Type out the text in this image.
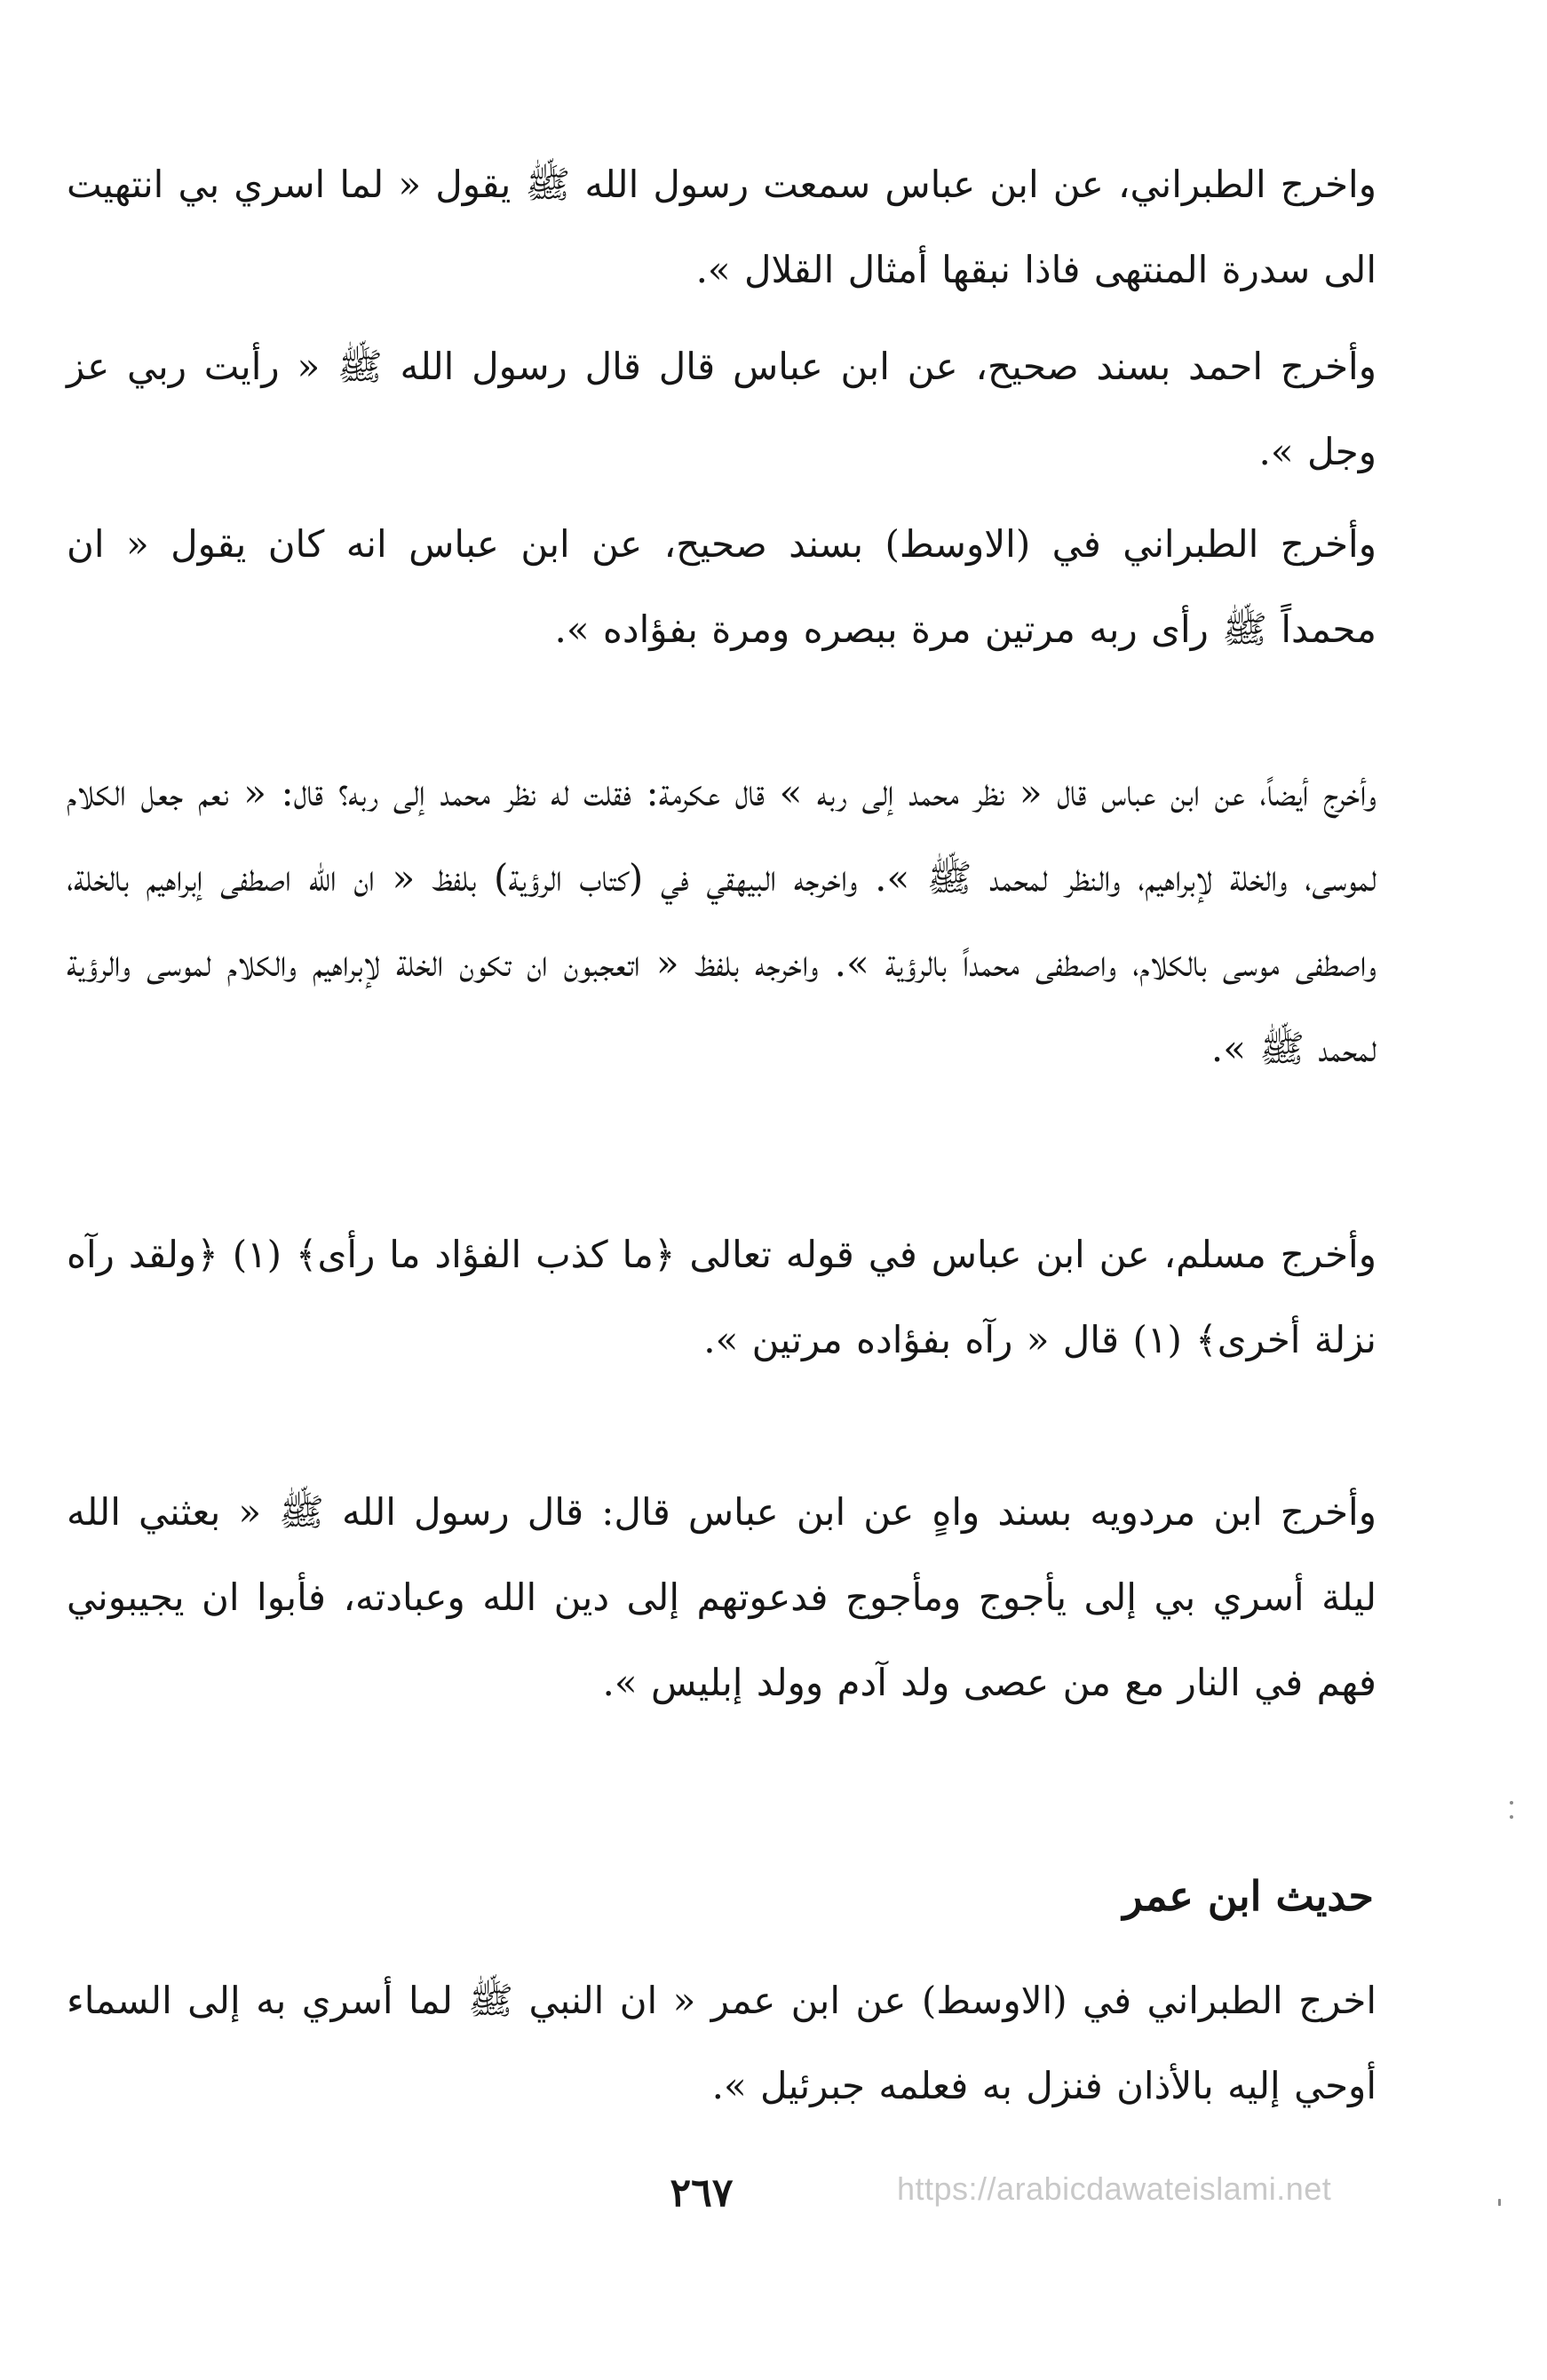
واخرج الطبراني، عن ابن عباس سمعت رسول الله ﷺ يقول « لما اسري بي انتهيت الى سدرة المنتهى فاذا نبقها أمثال القلال ».

وأخرج احمد بسند صحيح، عن ابن عباس قال قال رسول الله ﷺ « رأيت ربي عز وجل ».

وأخرج الطبراني في (الاوسط) بسند صحيح، عن ابن عباس انه كان يقول « ان محمداً ﷺ رأى ربه مرتين مرة ببصره ومرة بفؤاده ».

وأخرج أيضاً، عن ابن عباس قال « نظر محمد إلى ربه » قال عكرمة: فقلت له نظر محمد إلى ربه؟ قال: « نعم جعل الكلام لموسى، والخلة لإبراهيم، والنظر لمحمد ﷺ ». واخرجه البيهقي في (كتاب الرؤية) بلفظ « ان الله اصطفى إبراهيم بالخلة، واصطفى موسى بالكلام، واصطفى محمداً بالرؤية ». واخرجه بلفظ « اتعجبون ان تكون الخلة لإبراهيم والكلام لموسى والرؤية لمحمد ﷺ ».

وأخرج مسلم، عن ابن عباس في قوله تعالى ﴿ما كذب الفؤاد ما رأى﴾ (١) ﴿ولقد رآه نزلة أخرى﴾ (١) قال « رآه بفؤاده مرتين ».

وأخرج ابن مردويه بسند واهٍ عن ابن عباس قال: قال رسول الله ﷺ « بعثني الله ليلة أسري بي إلى يأجوج ومأجوج فدعوتهم إلى دين الله وعبادته، فأبوا ان يجيبوني فهم في النار مع من عصى ولد آدم وولد إبليس ».

حديث ابن عمر

اخرج الطبراني في (الاوسط) عن ابن عمر « ان النبي ﷺ لما أسري به إلى السماء أوحي إليه بالأذان فنزل به فعلمه جبرئيل ».

٢٦٧	https://arabicdawateislami.net
